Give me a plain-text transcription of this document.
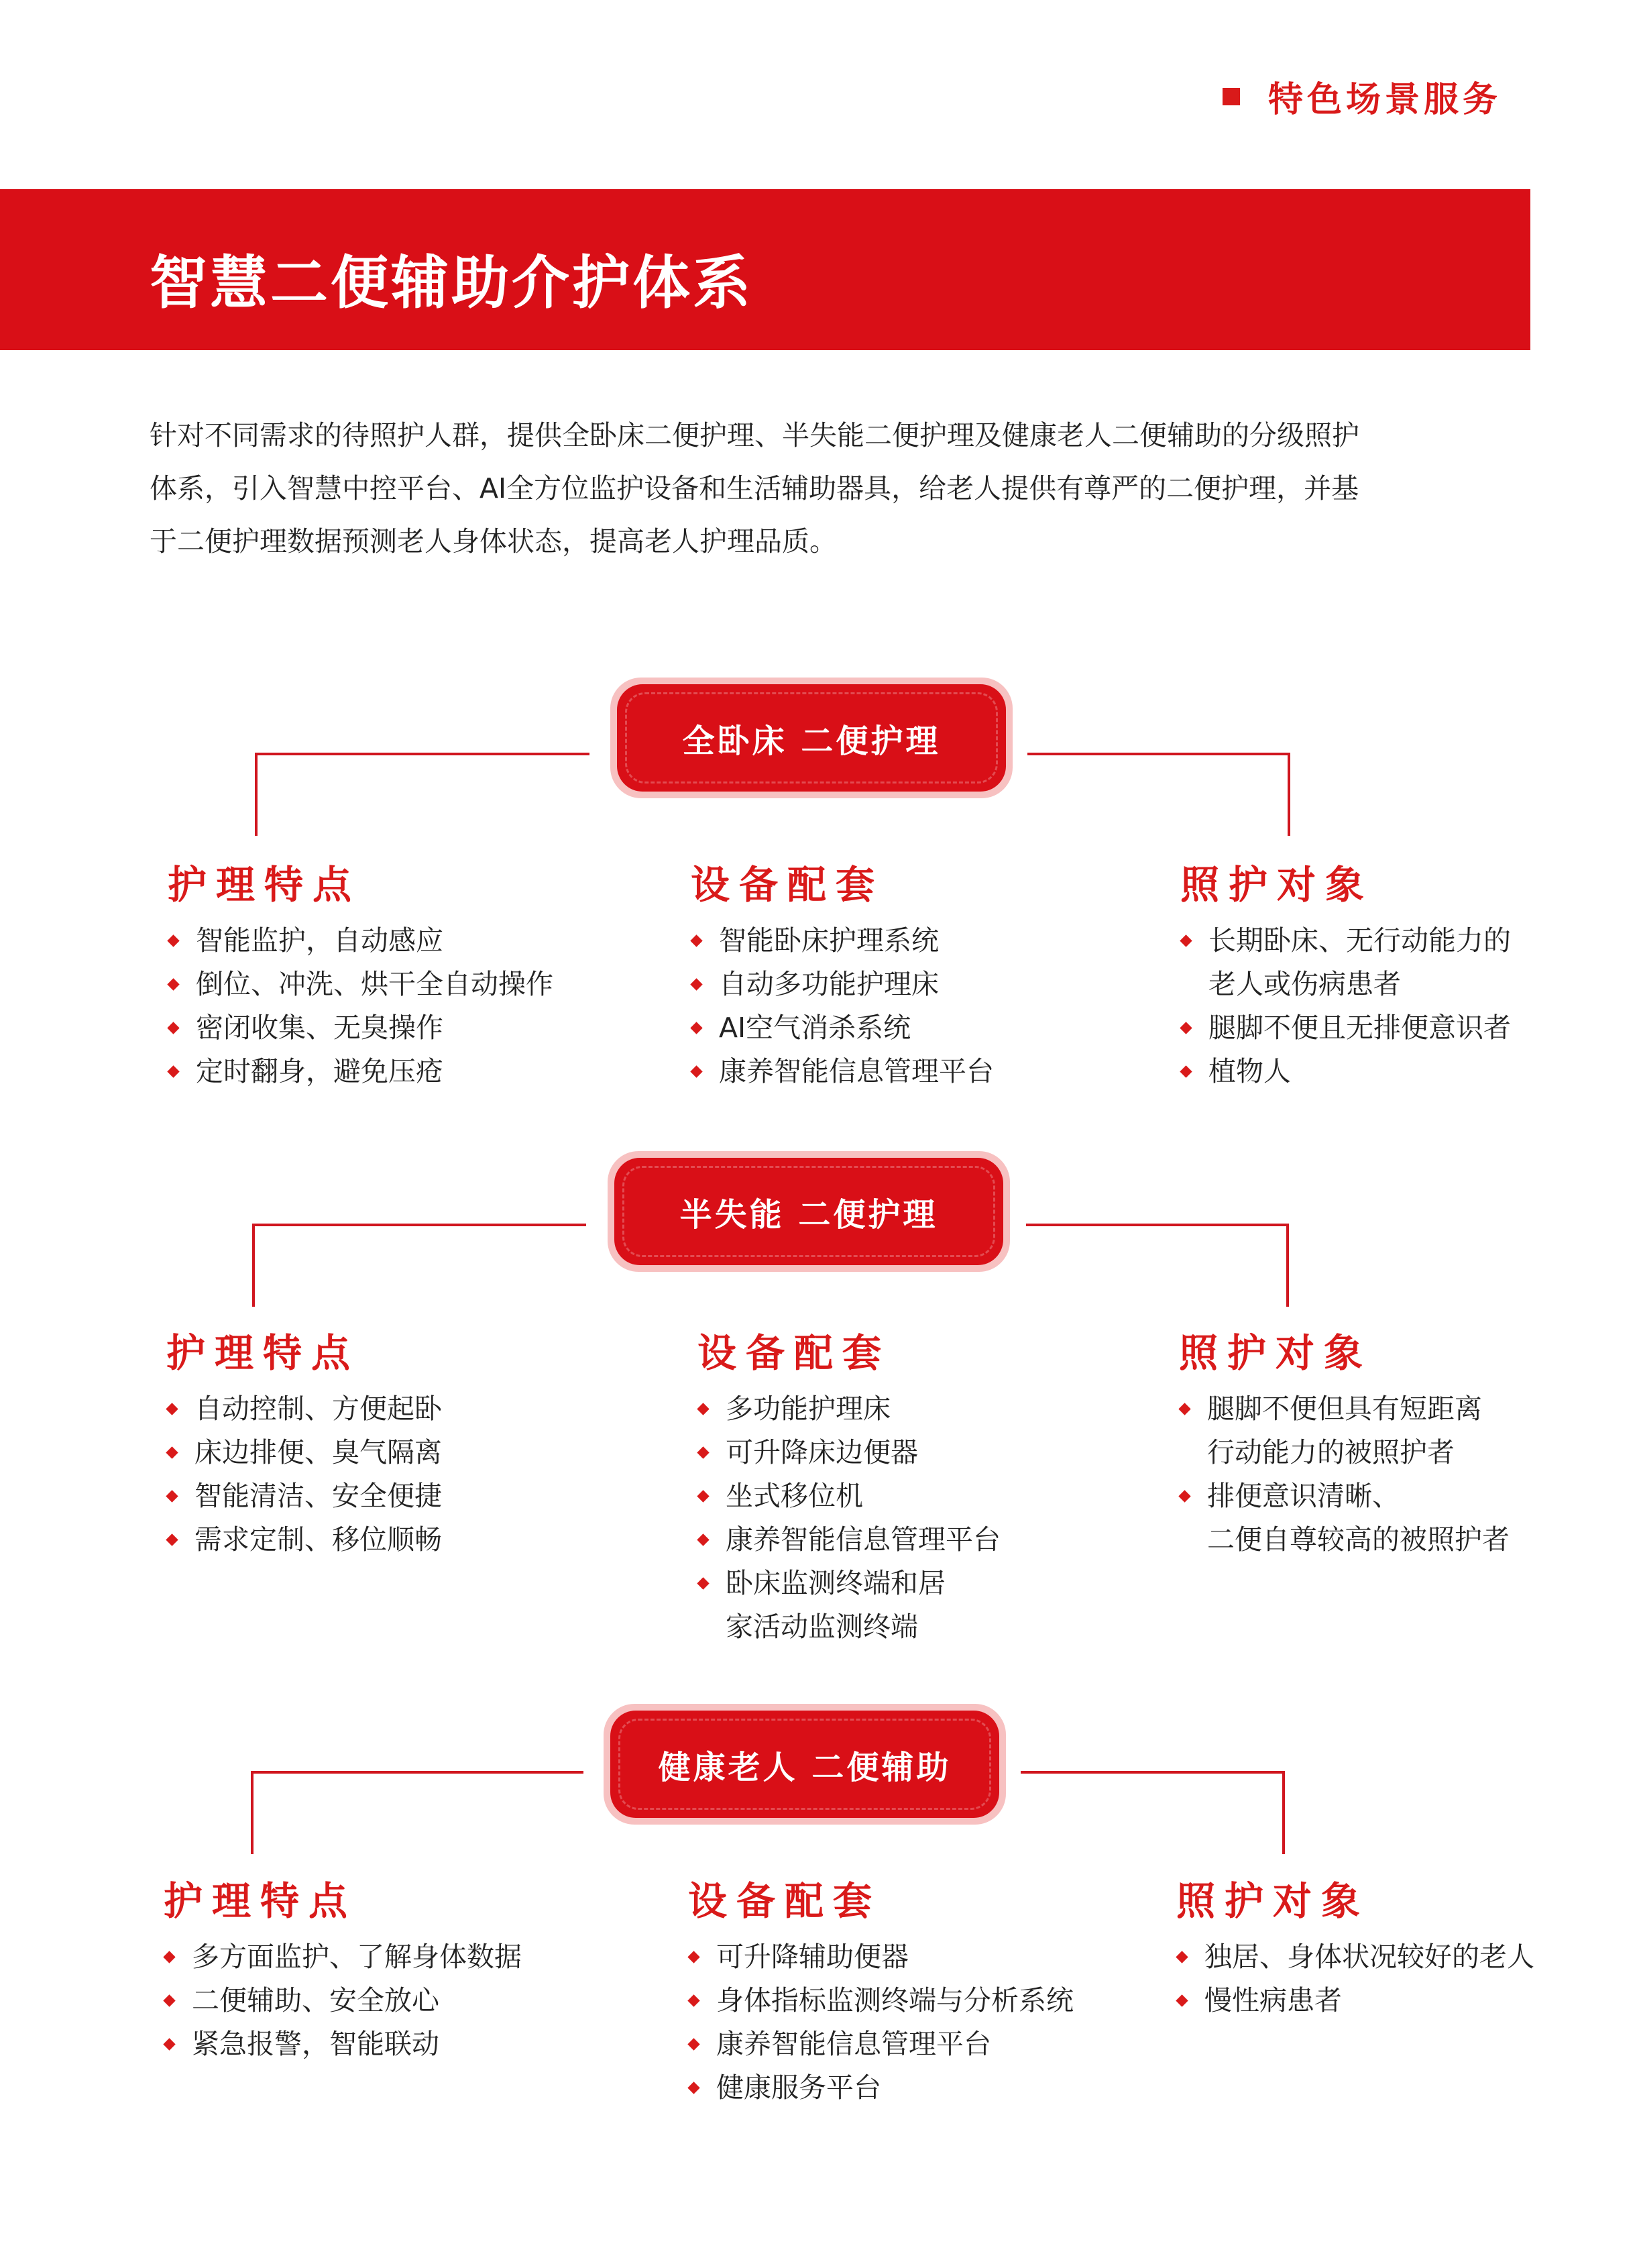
特色场景服务
智慧二便辅助介护体系
针对不同需求的待照护人群，提供全卧床二便护理、半失能二便护理及健康老人二便辅助的分级照护
体系，引入智慧中控平台、AI全方位监护设备和生活辅助器具，给老人提供有尊严的二便护理，并基
于二便护理数据预测老人身体状态，提高老人护理品质。
全卧床 二便护理
护理特点
智能监护，自动感应
倒位、冲洗、烘干全自动操作
密闭收集、无臭操作
定时翻身，避免压疮
设备配套
智能卧床护理系统
自动多功能护理床
AI空气消杀系统
康养智能信息管理平台
照护对象
长期卧床、无行动能力的
老人或伤病患者
腿脚不便且无排便意识者
植物人
半失能 二便护理
护理特点
自动控制、方便起卧
床边排便、臭气隔离
智能清洁、安全便捷
需求定制、移位顺畅
设备配套
多功能护理床
可升降床边便器
坐式移位机
康养智能信息管理平台
卧床监测终端和居
家活动监测终端
照护对象
腿脚不便但具有短距离
行动能力的被照护者
排便意识清晰、
二便自尊较高的被照护者
健康老人 二便辅助
护理特点
多方面监护、了解身体数据
二便辅助、安全放心
紧急报警，智能联动
设备配套
可升降辅助便器
身体指标监测终端与分析系统
康养智能信息管理平台
健康服务平台
照护对象
独居、身体状况较好的老人
慢性病患者
